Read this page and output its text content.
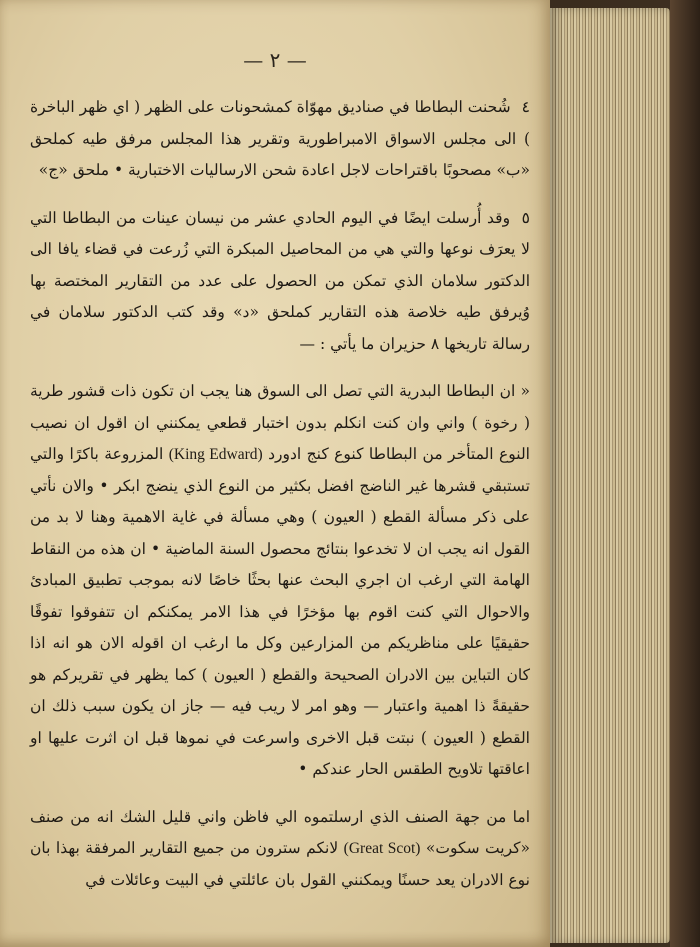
— ٢ —

٤ شُحنت البطاطا في صناديق مهوّاة كمشحونات على الظهر ( اي ظهر الباخرة ) الى مجلس الاسواق الامبراطورية وتقرير هذا المجلس مرفق طيه كملحق «ب» مصحوبًا باقتراحات لاجل اعادة شحن الارساليات الاختبارية • ملحق «ج»

٥ وقد أُرسلت ايضًا في اليوم الحادي عشر من نيسان عينات من البطاطا التي لا يعرَف نوعها والتي هي من المحاصيل المبكرة التي زُرعت في قضاء يافا الى الدكتور سلامان الذي تمكن من الحصول على عدد من التقارير المختصة بها وُيرفق طيه خلاصة هذه التقارير كملحق «د» وقد كتب الدكتور سلامان في رسالة تاريخها ٨ حزيران ما يأتي : —

« ان البطاطا البدرية التي تصل الى السوق هنا يجب ان تكون ذات قشور طرية ( رخوة ) واني وان كنت انكلم بدون اختبار قطعي يمكنني ان اقول ان نصيب النوع المتأخر من البطاطا كنوع كنج ادورد (King Edward) المزروعة باكرًا والتي تستبقي قشرها غير الناضج افضل بكثير من النوع الذي ينضج ابكر • والان نأتي على ذكر مسألة القطع ( العيون ) وهي مسألة في غاية الاهمية وهنا لا بد من القول انه يجب ان لا تخدعوا بنتائج محصول السنة الماضية • ان هذه من النقاط الهامة التي ارغب ان اجري البحث عنها بحثًا خاصًا لانه بموجب تطبيق المبادئ والاحوال التي كنت اقوم بها مؤخرًا في هذا الامر يمكنكم ان تتفوقوا تفوقًا حقيقيًا على مناظريكم من المزارعين وكل ما ارغب ان اقوله الان هو انه اذا كان التباين بين الادران الصحيحة والقطع ( العيون ) كما يظهر في تقريركم هو حقيقةً ذا اهمية واعتبار — وهو امر لا ريب فيه — جاز ان يكون سبب ذلك ان القطع ( العيون ) نبتت قبل الاخرى واسرعت في نموها قبل ان اثرت عليها او اعاقتها تلاويح الطقس الحار عندكم •

اما من جهة الصنف الذي ارسلتموه الي فاظن واني قليل الشك انه من صنف «كريت سكوت» (Great Scot) لانكم سترون من جميع التقارير المرفقة بهذا بان نوع الادران يعد حسنًا ويمكنني القول بان عائلتي في البيت وعائلات في
